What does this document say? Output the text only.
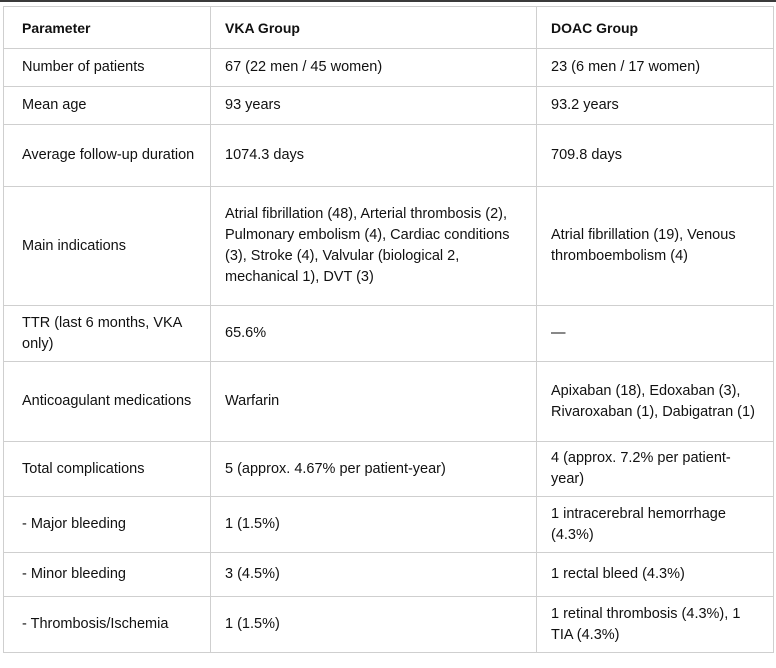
Parameter	VKA Group	DOAC Group
Number of patients	67 (22 men / 45 women)	23 (6 men / 17 women)
Mean age	93 years	93.2 years
Average follow-up duration	1074.3 days	709.8 days
Main indications	Atrial fibrillation (48), Arterial thrombosis (2), Pulmonary embolism (4), Cardiac conditions (3), Stroke (4), Valvular (biological 2, mechanical 1), DVT (3)	Atrial fibrillation (19), Venous thromboembolism (4)
TTR (last 6 months, VKA only)	65.6%	—
Anticoagulant medications	Warfarin	Apixaban (18), Edoxaban (3), Rivaroxaban (1), Dabigatran (1)
Total complications	5 (approx. 4.67% per patient-year)	4 (approx. 7.2% per patient-year)
- Major bleeding	1 (1.5%)	1 intracerebral hemorrhage (4.3%)
- Minor bleeding	3 (4.5%)	1 rectal bleed (4.3%)
- Thrombosis/Ischemia	1 (1.5%)	1 retinal thrombosis (4.3%), 1 TIA (4.3%)
